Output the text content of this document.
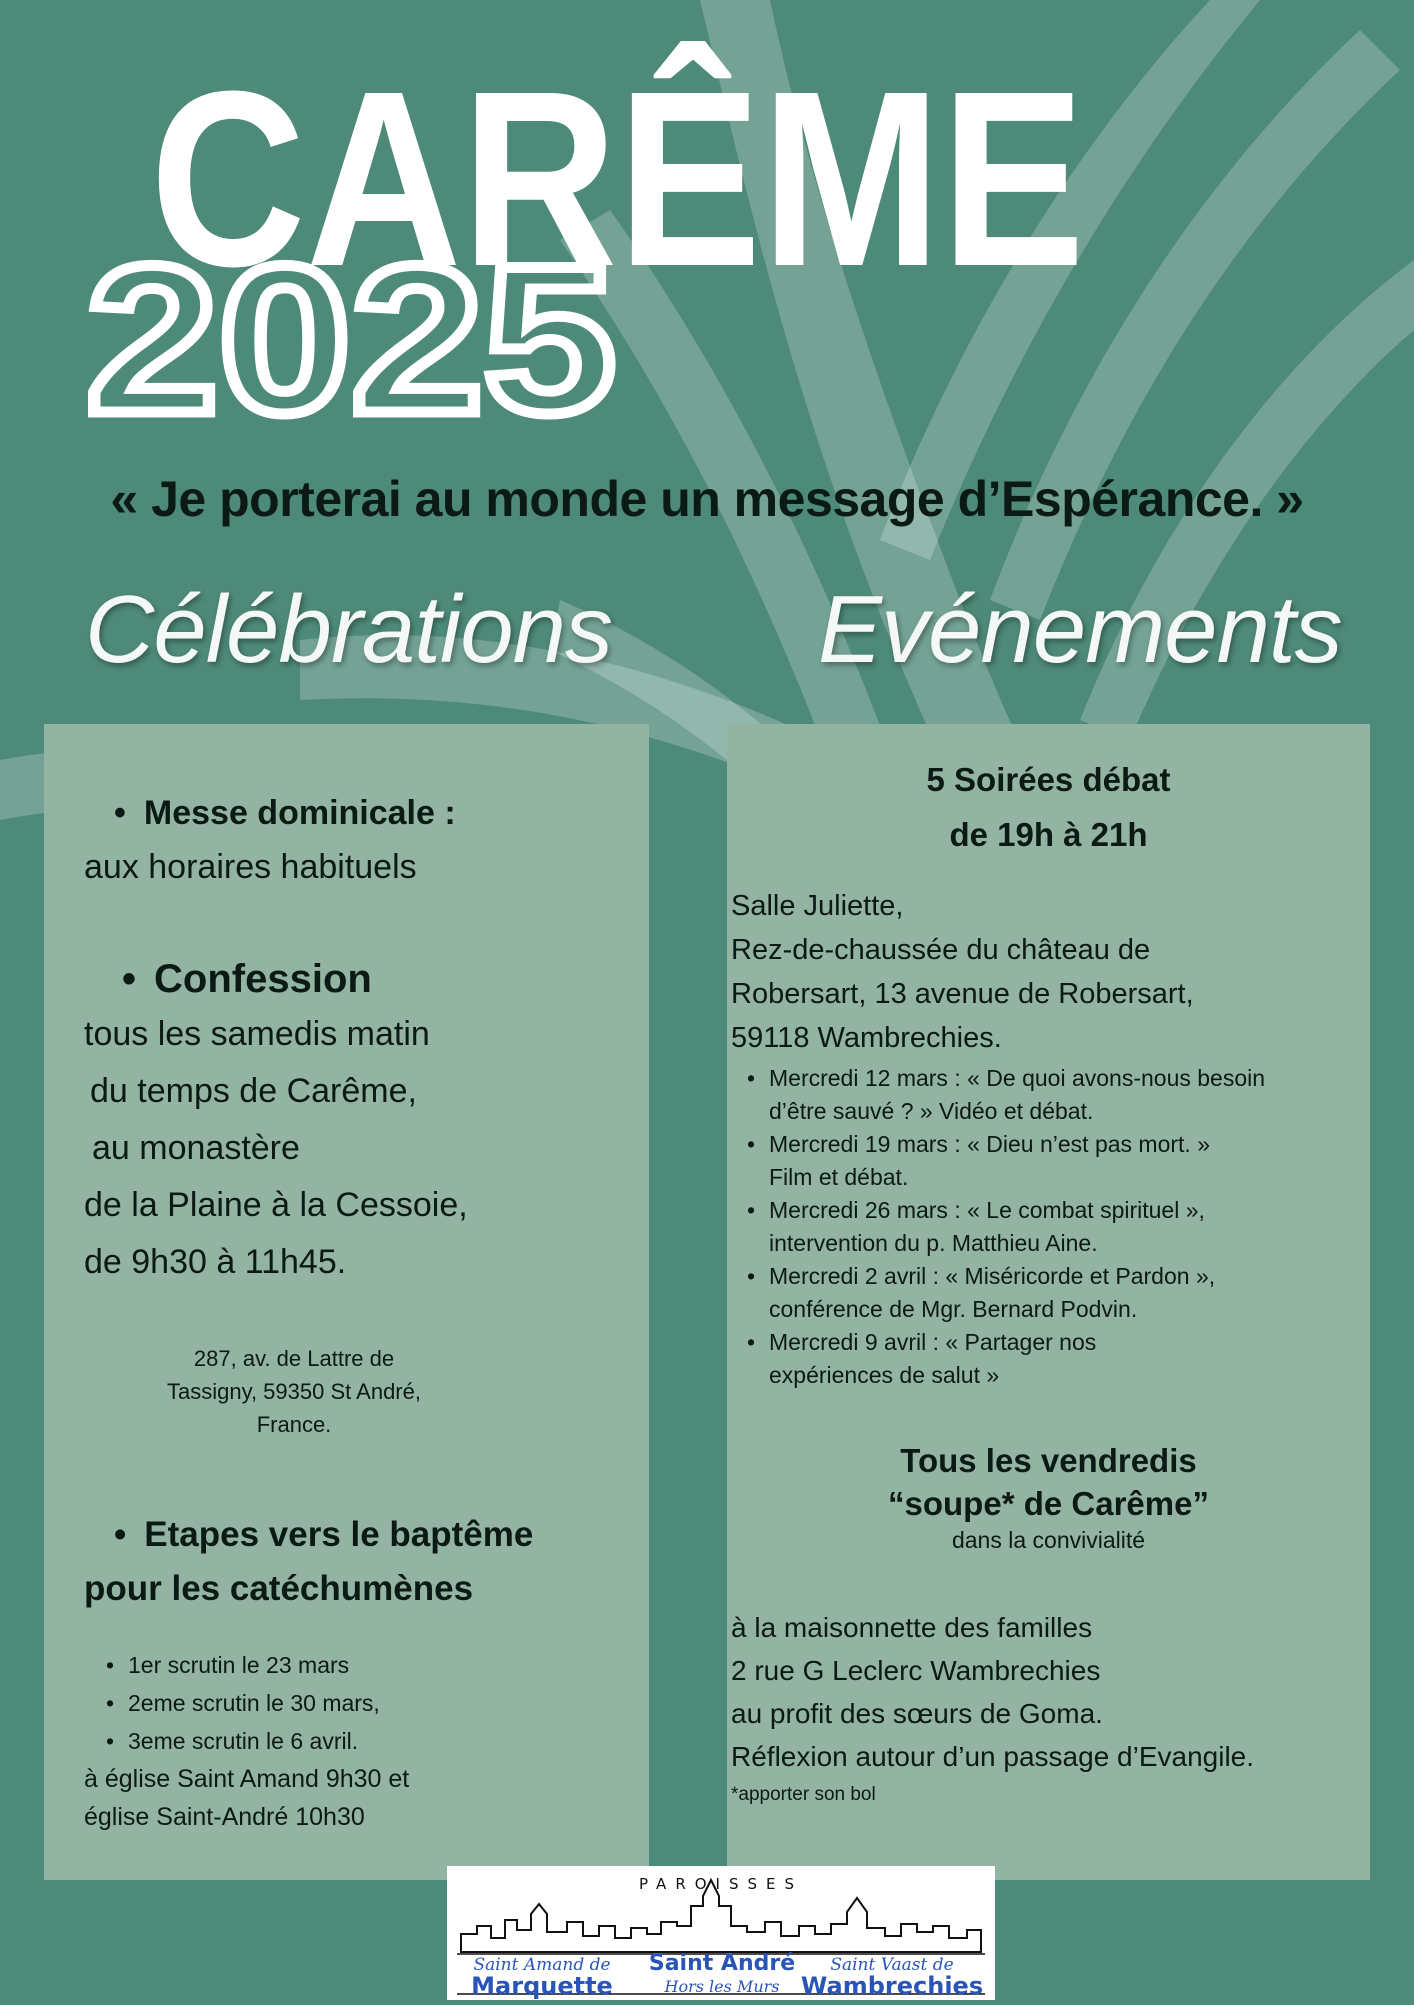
CARÊME
2025
« Je porterai au monde un message d’Espérance. »
Célébrations Evénements
• Messe dominicale :
aux horaires habituels
• Confession
tous les samedis matin
du temps de Carême,
au monastère
de la Plaine à la Cessoie,
de 9h30 à 11h45.
287, av. de Lattre de
Tassigny, 59350 St André,
France.
• Etapes vers le baptême
pour les catéchumènes
• 1er scrutin le 23 mars
• 2eme scrutin le 30 mars,
• 3eme scrutin le 6 avril.
à église Saint Amand 9h30 et
église Saint-André 10h30
5 Soirées débat
de 19h à 21h
Salle Juliette,
Rez-de-chaussée du château de
Robersart, 13 avenue de Robersart,
59118 Wambrechies.
• Mercredi 12 mars : « De quoi avons-nous besoin
d’être sauvé ? » Vidéo et débat.
• Mercredi 19 mars : « Dieu n’est pas mort. »
Film et débat.
• Mercredi 26 mars : « Le combat spirituel »,
intervention du p. Matthieu Aine.
• Mercredi 2 avril : « Miséricorde et Pardon »,
conférence de Mgr. Bernard Podvin.
• Mercredi 9 avril : « Partager nos
expériences de salut »
Tous les vendredis
“soupe* de Carême”
dans la convivialité
à la maisonnette des familles
2 rue G Leclerc Wambrechies
au profit des sœurs de Goma.
Réflexion autour d’un passage d’Evangile.
*apporter son bol
PAROISSES
Saint Amand de
Marquette
Saint André
Hors les Murs
Saint Vaast de
Wambrechies
